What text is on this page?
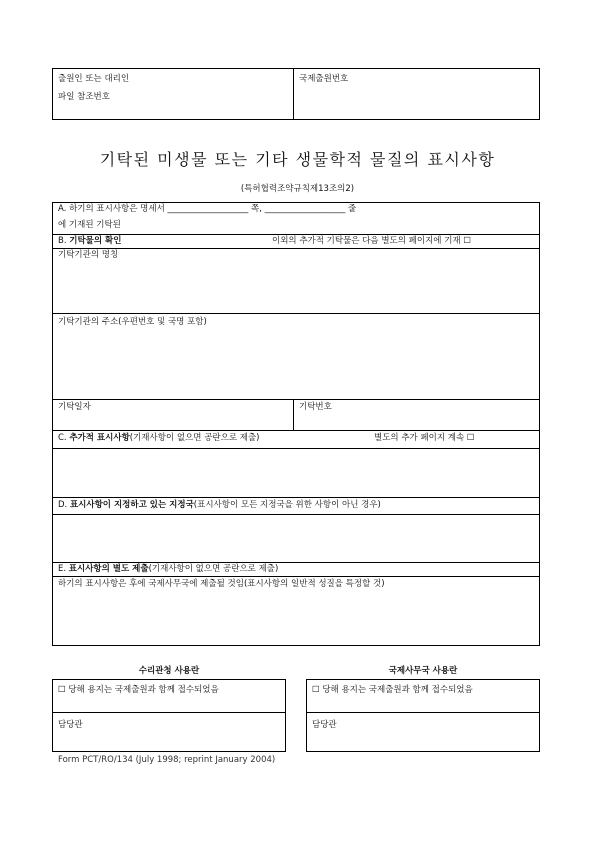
출원인 또는 대리인
파일 참조번호
국제출원번호
기탁된 미생물 또는 기타 생물학적 물질의 표시사항
(특허협력조약규칙제13조의2)
A. 하기의 표시사항은 명세서 ___________________ 쪽, ___________________ 줄
에 기재된 기탁된
B. 기탁물의 확인	이외의 추가적 기탁물은 다음 별도의 페이지에 기재 ☐
기탁기관의 명칭
기탁기관의 주소(우편번호 및 국명 포함)
기탁일자	기탁번호
C. 추가적 표시사항(기재사항이 없으면 공란으로 제출)	별도의 추가 페이지 계속 ☐
D. 표시사항이 지정하고 있는 지정국(표시사항이 모든 지정국을 위한 사항이 아닌 경우)
E. 표시사항의 별도 제출(기재사항이 없으면 공란으로 제출)
하기의 표시사항은 후에 국제사무국에 제출될 것임(표시사항의 일반적 성질을 특정할 것)
수리관청 사용란
☐ 당해 용지는 국제출원과 함께 접수되었음
담당관
국제사무국 사용란
☐ 당해 용지는 국제출원과 함께 접수되었음
담당관
Form PCT/RO/134 (July 1998; reprint January 2004)
